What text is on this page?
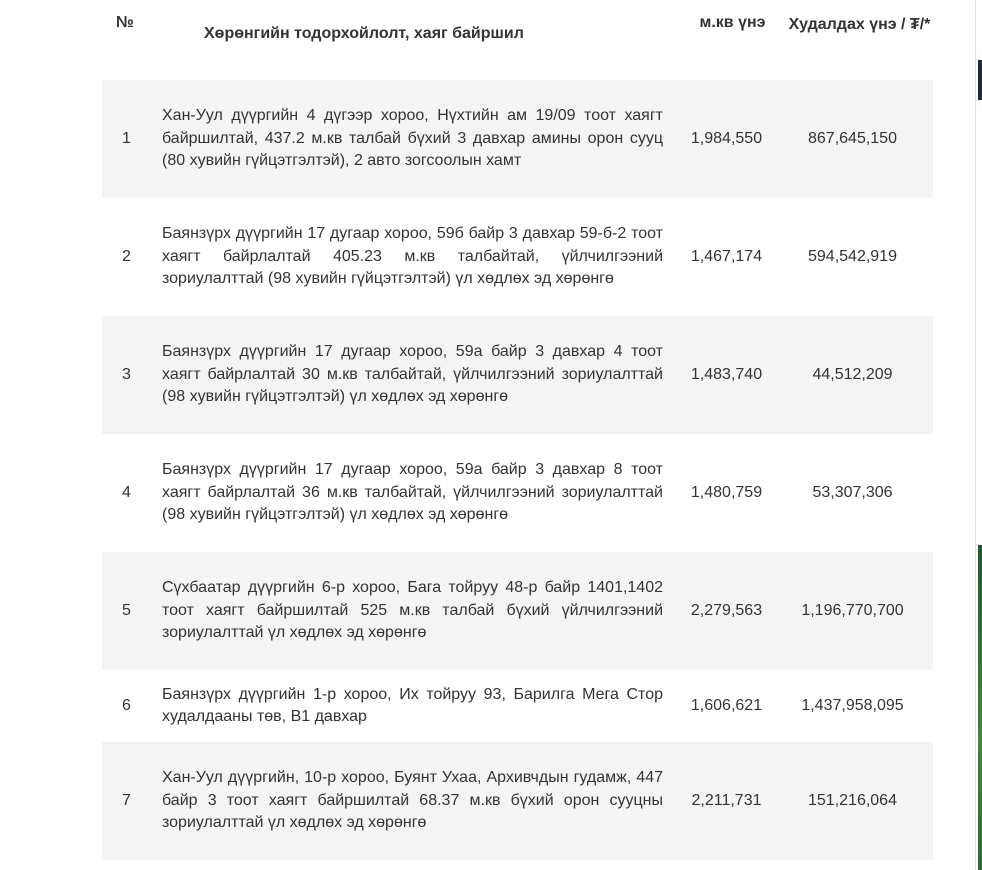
№	Хөрөнгийн тодорхойлолт, хаяг байршил	м.кв үнэ	Худалдах үнэ / ₮/*

1	Хан-Уул дүүргийн 4 дүгээр хороо, Нүхтийн ам 19/09 тоот хаягт байршилтай, 437.2 м.кв талбай бүхий 3 давхар амины орон сууц (80 хувийн гүйцэтгэлтэй), 2 авто зогсоолын хамт	1,984,550	867,645,150
2	Баянзүрх дүүргийн 17 дугаар хороо, 59б байр 3 давхар 59-б-2 тоот хаягт байрлалтай 405.23 м.кв талбайтай, үйлчилгээний зориулалттай (98 хувийн гүйцэтгэлтэй) үл хөдлөх эд хөрөнгө	1,467,174	594,542,919
3	Баянзүрх дүүргийн 17 дугаар хороо, 59а байр 3 давхар 4 тоот хаягт байрлалтай 30 м.кв талбайтай, үйлчилгээний зориулалттай (98 хувийн гүйцэтгэлтэй) үл хөдлөх эд хөрөнгө	1,483,740	44,512,209
4	Баянзүрх дүүргийн 17 дугаар хороо, 59а байр 3 давхар 8 тоот хаягт байрлалтай 36 м.кв талбайтай, үйлчилгээний зориулалттай (98 хувийн гүйцэтгэлтэй) үл хөдлөх эд хөрөнгө	1,480,759	53,307,306
5	Сүхбаатар дүүргийн 6-р хороо, Бага тойруу 48-р байр 1401,1402 тоот хаягт байршилтай 525 м.кв талбай бүхий үйлчилгээний зориулалттай үл хөдлөх эд хөрөнгө	2,279,563	1,196,770,700
6	Баянзүрх дүүргийн 1-р хороо, Их тойруу 93, Барилга Мега Стор худалдааны төв, B1 давхар	1,606,621	1,437,958,095
7	Хан-Уул дүүргийн, 10-р хороо, Буянт Ухаа, Архивчдын гудамж, 447 байр 3 тоот хаягт байршилтай 68.37 м.кв бүхий орон сууцны зориулалттай үл хөдлөх эд хөрөнгө	2,211,731	151,216,064
